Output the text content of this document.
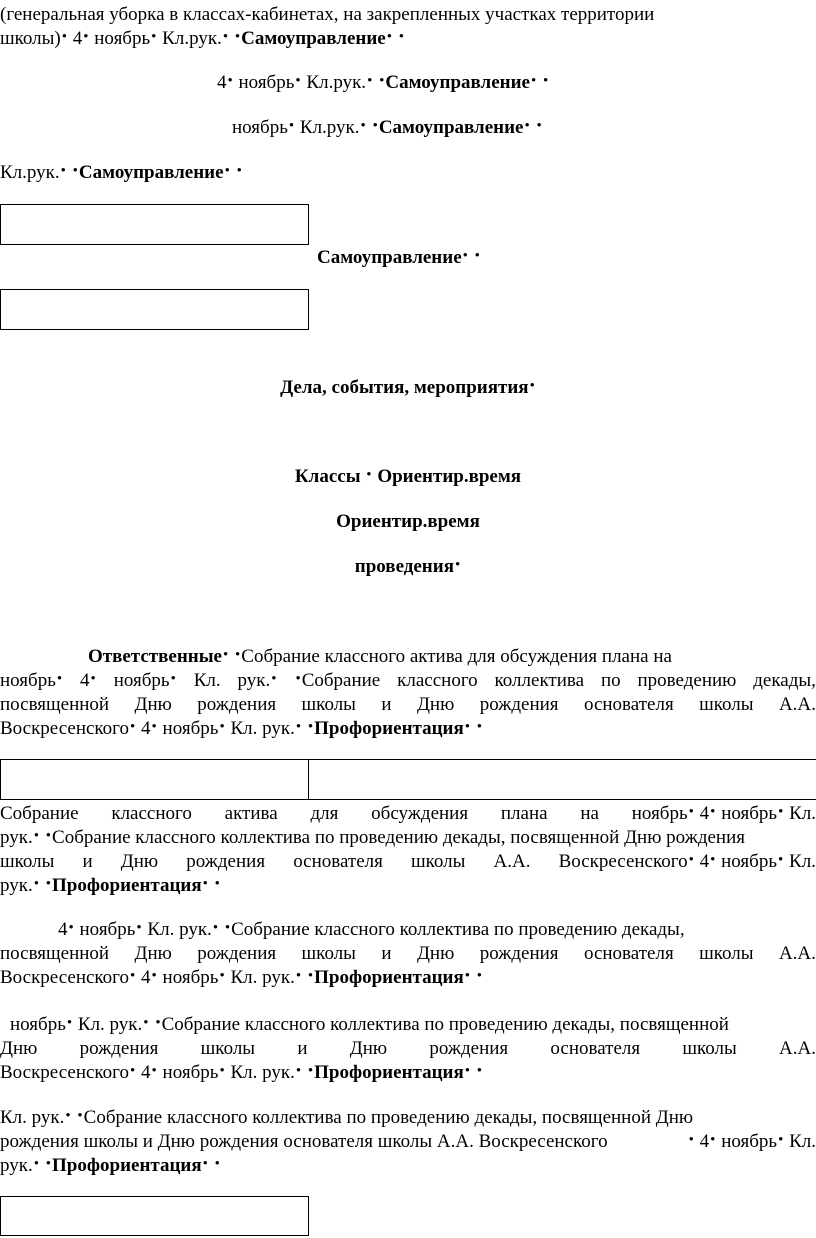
(генеральная уборка в классах-кабинетах, на закрепленных участках территории
школы)• 4• ноябрь• Кл.рук.• •Самоуправление• •
4• ноябрь• Кл.рук.• •Самоуправление• •
ноябрь• Кл.рук.• •Самоуправление• •
Кл.рук.• •Самоуправление• •
Самоуправление• •
Дела, события, мероприятия•
Классы • Ориентир.время
Ориентир.время
проведения•
Ответственные• •Собрание классного актива для обсуждения плана на
ноябрь• 4• ноябрь• Кл. рук.• •Собрание классного коллектива по проведению декады,
посвященной Дню рождения школы и Дню рождения основателя школы А.А.
Воскресенского• 4• ноябрь• Кл. рук.• •Профориентация• •
Собрание классного актива для обсуждения плана на ноябрь• 4• ноябрь• Кл.
рук.• •Собрание классного коллектива по проведению декады, посвященной Дню рождения
школы и Дню рождения основателя школы А.А. Воскресенского• 4• ноябрь• Кл.
рук.• •Профориентация• •
4• ноябрь• Кл. рук.• •Собрание классного коллектива по проведению декады,
посвященной Дню рождения школы и Дню рождения основателя школы А.А.
Воскресенского• 4• ноябрь• Кл. рук.• •Профориентация• •
ноябрь• Кл. рук.• •Собрание классного коллектива по проведению декады, посвященной
Дню рождения школы и Дню рождения основателя школы А.А.
Воскресенского• 4• ноябрь• Кл. рук.• •Профориентация• •
Кл. рук.• •Собрание классного коллектива по проведению декады, посвященной Дню
рождения школы и Дню рождения основателя школы А.А. Воскресенского	• 4• ноябрь• Кл.
рук.• •Профориентация• •
